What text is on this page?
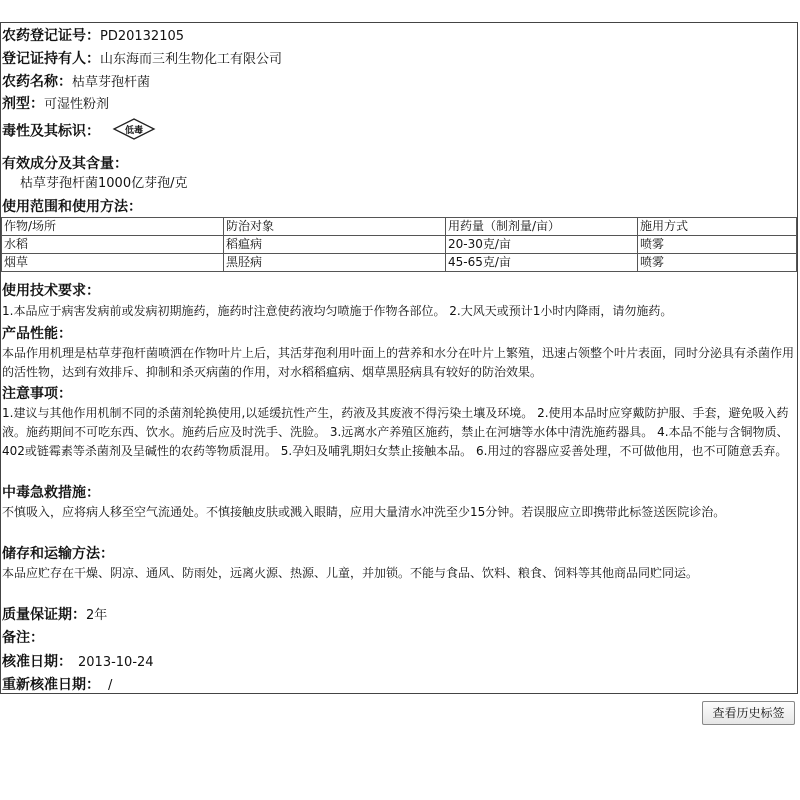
农药登记证号：PD20132105
登记证持有人：山东海而三利生物化工有限公司
农药名称：枯草芽孢杆菌
剂型：可湿性粉剂
毒性及其标识：	低毒
有效成分及其含量：
枯草芽孢杆菌1000亿芽孢/克
使用范围和使用方法：
作物/场所	防治对象	用药量（制剂量/亩）	施用方式
水稻	稻瘟病	20-30克/亩	喷雾
烟草	黑胫病	45-65克/亩	喷雾
使用技术要求：
1.本品应于病害发病前或发病初期施药，施药时注意使药液均匀喷施于作物各部位。 2.大风天或预计1小时内降雨，请勿施药。
产品性能：
本品作用机理是枯草芽孢杆菌喷洒在作物叶片上后，其活芽孢利用叶面上的营养和水分在叶片上繁殖，迅速占领整个叶片表面，同时分泌具有杀菌作用的活性物，达到有效排斥、抑制和杀灭病菌的作用，对水稻稻瘟病、烟草黑胫病具有较好的防治效果。
注意事项：
1.建议与其他作用机制不同的杀菌剂轮换使用,以延缓抗性产生，药液及其废液不得污染土壤及环境。 2.使用本品时应穿戴防护服、手套，避免吸入药液。施药期间不可吃东西、饮水。施药后应及时洗手、洗脸。 3.远离水产养殖区施药，禁止在河塘等水体中清洗施药器具。 4.本品不能与含铜物质、402或链霉素等杀菌剂及呈碱性的农药等物质混用。 5.孕妇及哺乳期妇女禁止接触本品。 6.用过的容器应妥善处理，不可做他用，也不可随意丢弃。
中毒急救措施：
不慎吸入，应将病人移至空气流通处。不慎接触皮肤或溅入眼睛，应用大量清水冲洗至少15分钟。若误服应立即携带此标签送医院诊治。
储存和运输方法：
本品应贮存在干燥、阴凉、通风、防雨处，远离火源、热源、儿童，并加锁。不能与食品、饮料、粮食、饲料等其他商品同贮同运。
质量保证期：2年
备注：
核准日期： 2013-10-24
重新核准日期： /
查看历史标签
